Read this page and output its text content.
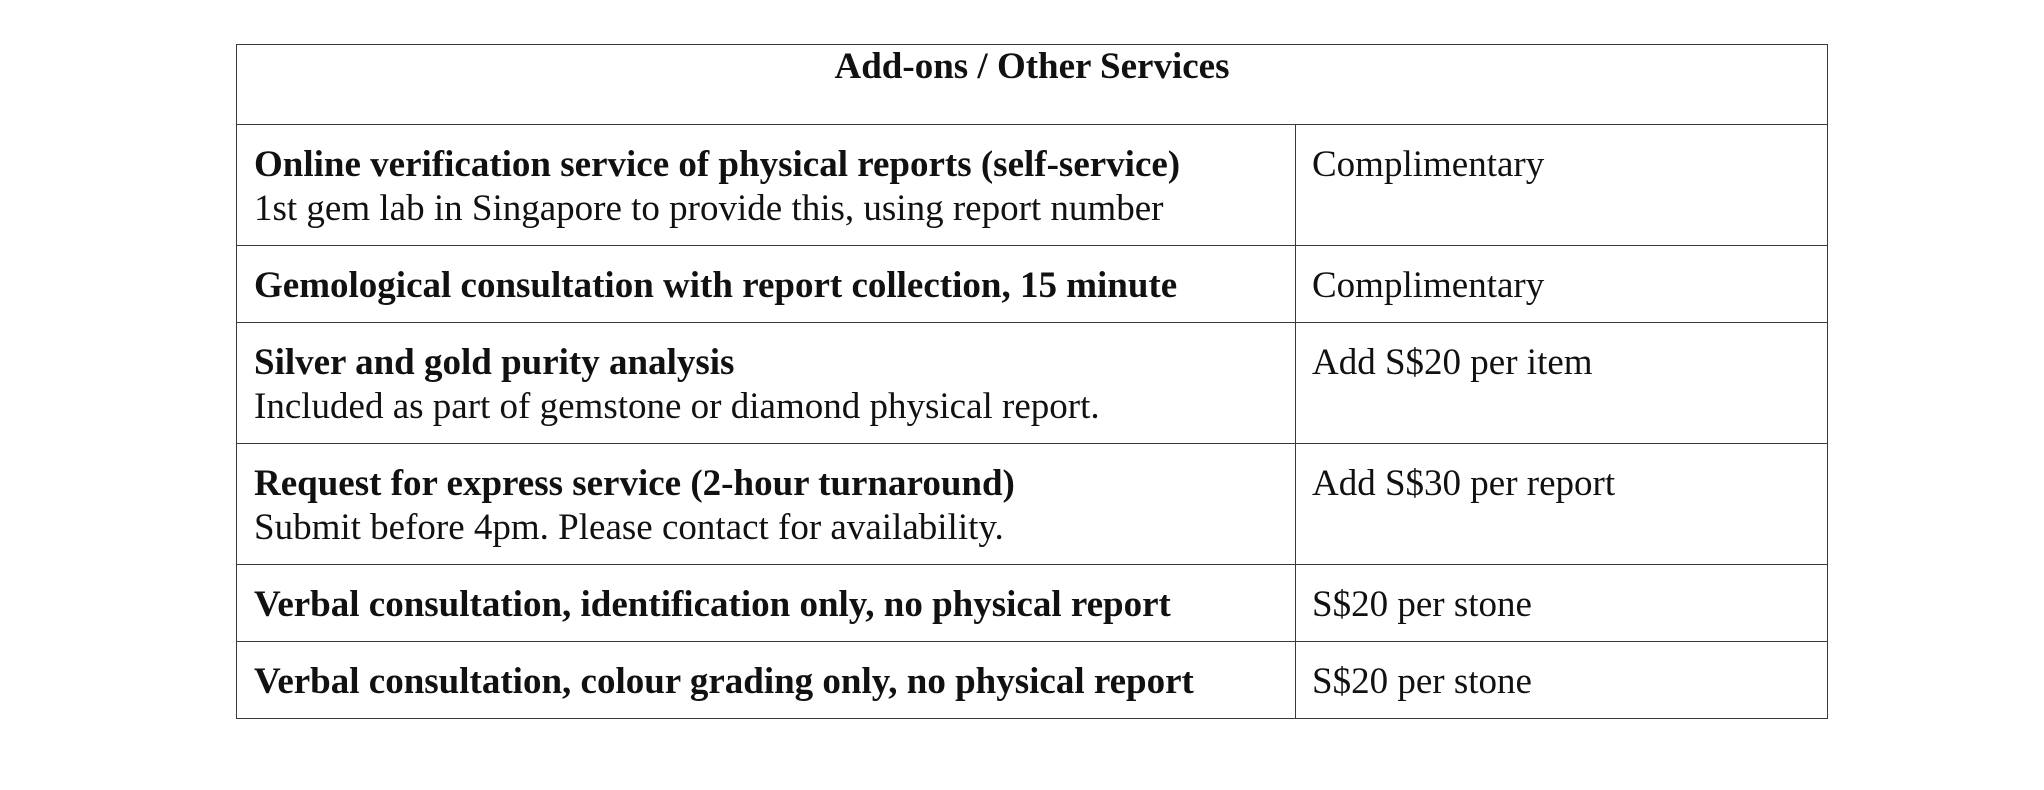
Add-ons / Other Services	

Online verification service of physical reports (self-service)
1st gem lab in Singapore to provide this, using report number	Complimentary

Gemological consultation with report collection, 15 minute	Complimentary

Silver and gold purity analysis
Included as part of gemstone or diamond physical report.	Add S$20 per item

Request for express service (2-hour turnaround)
Submit before 4pm. Please contact for availability.	Add S$30 per report

Verbal consultation, identification only, no physical report	S$20 per stone

Verbal consultation, colour grading only, no physical report	S$20 per stone
